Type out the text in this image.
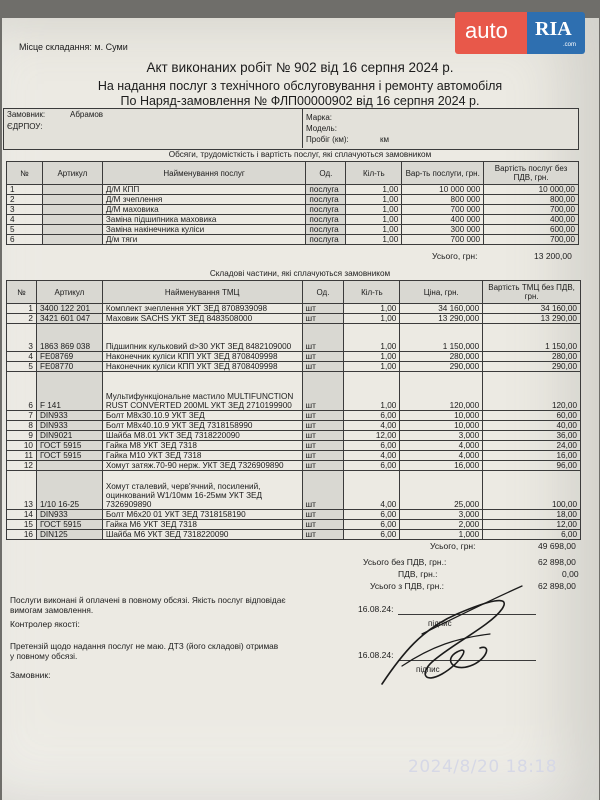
auto RIA
.com
Місце складання: м. Суми
Акт виконаних робіт № 902 від 16 серпня 2024 р.
На надання послуг з технічного обслуговування і ремонту автомобіля
По Наряд-замовлення № ФЛП00000902 від 16 серпня 2024 р.
Замовник:	Абрамов
ЄДРПОУ:
Марка:
Модель:
Пробіг (км):	км
Обсяги, трудомісткість і вартість послуг, які сплачуються замовником
№	Артикул	Найменування послуг	Од.	Кіл-ть	Вар-ть послуги, грн.	Вартість послуг без ПДВ, грн.
1		Д/М КПП	послуга	1,00	10 000 000	10 000,00
2		Д/М зчеплення	послуга	1,00	800 000	800,00
3		Д/М маховика	послуга	1,00	700 000	700,00
4		Заміна підшипника маховика	послуга	1,00	400 000	400,00
5		Заміна накінечника куліси	послуга	1,00	300 000	600,00
6		Д/м тяги	послуга	1,00	700 000	700,00
Усього, грн:	13 200,00
Складові частини, які сплачуються замовником
№	Артикул	Найменування ТМЦ	Од.	Кіл-ть	Ціна, грн.	Вартість ТМЦ без ПДВ, грн.
1	3400 122 201	Комплект зчеплення УКТ ЗЕД 8708939098	шт	1,00	34 160,000	34 160,00
2	3421 601 047	Маховик SACHS УКТ ЗЕД 8483508000	шт	1,00	13 290,000	13 290,00
3	1863 869 038	Підшипник кульковий d>30 УКТ ЗЕД 8482109000	шт	1,00	1 150,000	1 150,00
4	FE08769	Наконечник куліси КПП УКТ ЗЕД 8708409998	шт	1,00	280,000	280,00
5	FE08770	Наконечник куліси КПП УКТ ЗЕД 8708409998	шт	1,00	290,000	290,00
6	F 141	Мультифункціональне мастило MULTIFUNCTION RUST CONVERTED 200ML УКТ ЗЕД 2710199900	шт	1,00	120,000	120,00
7	DIN933	Болт М8х30.10.9 УКТ ЗЕД	шт	6,00	10,000	60,00
8	DIN933	Болт М8х40.10.9 УКТ ЗЕД 7318158990	шт	4,00	10,000	40,00
9	DIN9021	Шайба М8.01 УКТ ЗЕД 7318220090	шт	12,00	3,000	36,00
10	ГОСТ 5915	Гайка М8 УКТ ЗЕД 7318	шт	6,00	4,000	24,00
11	ГОСТ 5915	Гайка М10 УКТ ЗЕД 7318	шт	4,00	4,000	16,00
12		Хомут затяж.70-90 нерж. УКТ ЗЕД 7326909890	шт	6,00	16,000	96,00
13	1/10 16-25	Хомут сталевий, черв'ячний, посилений, оцинкований W1/10мм 16-25мм УКТ ЗЕД 7326909890	шт	4,00	25,000	100,00
14	DIN933	Болт М6х20 01 УКТ ЗЕД 7318158190	шт	6,00	3,000	18,00
15	ГОСТ 5915	Гайка М6 УКТ ЗЕД 7318	шт	6,00	2,000	12,00
16	DIN125	Шайба М6 УКТ ЗЕД 7318220090	шт	6,00	1,000	6,00
Усього, грн:	49 698,00
Усього без ПДВ, грн.:	62 898,00
ПДВ, грн.:	0,00
Усього з ПДВ, грн.:	62 898,00
Послуги виконані й оплачені в повному обсязі. Якість послуг відповідає вимогам замовлення.
Контролер якості:
Претензій щодо надання послуг не маю. ДТЗ (його складові) отримав у повному обсязі.
Замовник:
16.08.24:
підпис
16.08.24:
підпис
2024/8/20 18:18
